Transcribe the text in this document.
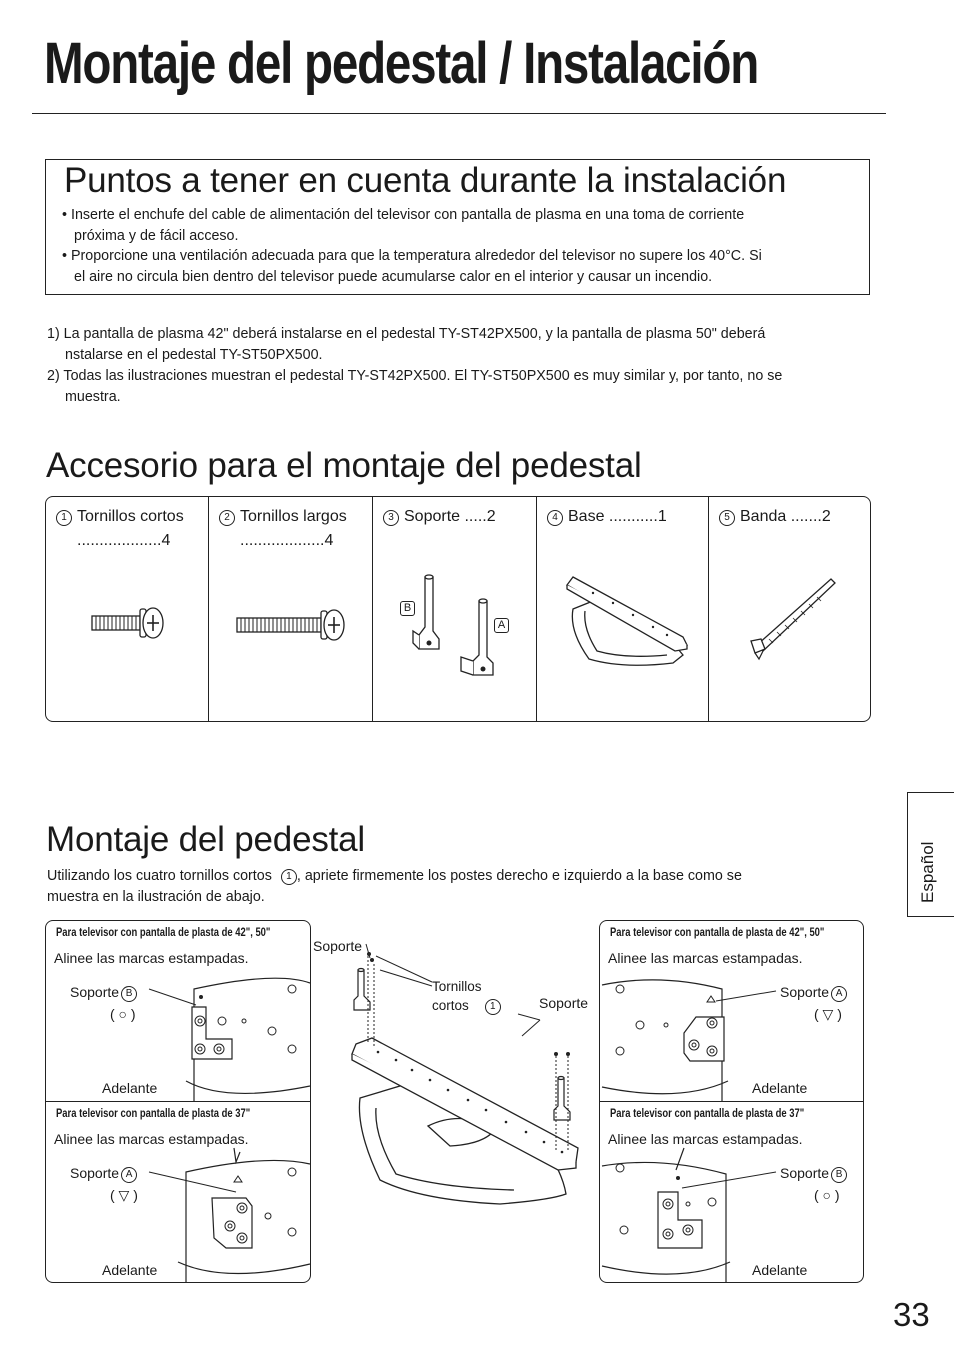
Montaje del pedestal / Instalación
Puntos a tener en cuenta durante la instalación
• Inserte el enchufe del cable de alimentación del televisor con pantalla de plasma en una toma de corriente
próxima y de fácil acceso.
• Proporcione una ventilación adecuada para que la temperatura alrededor del televisor no supere los 40°C. Si
el aire no circula bien dentro del televisor puede acumularse calor en el interior y causar un incendio.
1) La pantalla de plasma 42" deberá instalarse en el pedestal TY-ST42PX500, y la pantalla de plasma 50" deberá
nstalarse en el pedestal TY-ST50PX500.
2) Todas las ilustraciones muestran el pedestal TY-ST42PX500. El TY-ST50PX500 es muy similar y, por tanto, no se
muestra.
Accesorio para el montaje del pedestal
1 Tornillos cortos
...................4
2 Tornillos largos
...................4
3 Soporte .....2
B
A
4 Base ...........1	5 Banda .......2
Español
Montaje del pedestal
Utilizando los cuatro tornillos cortos 1 , apriete firmemente los postes derecho e izquierdo a la base como se
muestra en la ilustración de abajo.
Para televisor con pantalla de plasta de 42", 50"
Alinee las marcas estampadas.
Soporte B
( ○ )
Adelante
Para televisor con pantalla de plasta de 37"
Alinee las marcas estampadas.
Soporte A
( ▽ )
Adelante
Para televisor con pantalla de plasta de 42", 50"
Alinee las marcas estampadas.
Soporte A
( ▽ )
Adelante
Para televisor con pantalla de plasta de 37"
Alinee las marcas estampadas.
Soporte B
( ○ )
Adelante
Soporte
Tornillos
cortos 1	Soporte
33
